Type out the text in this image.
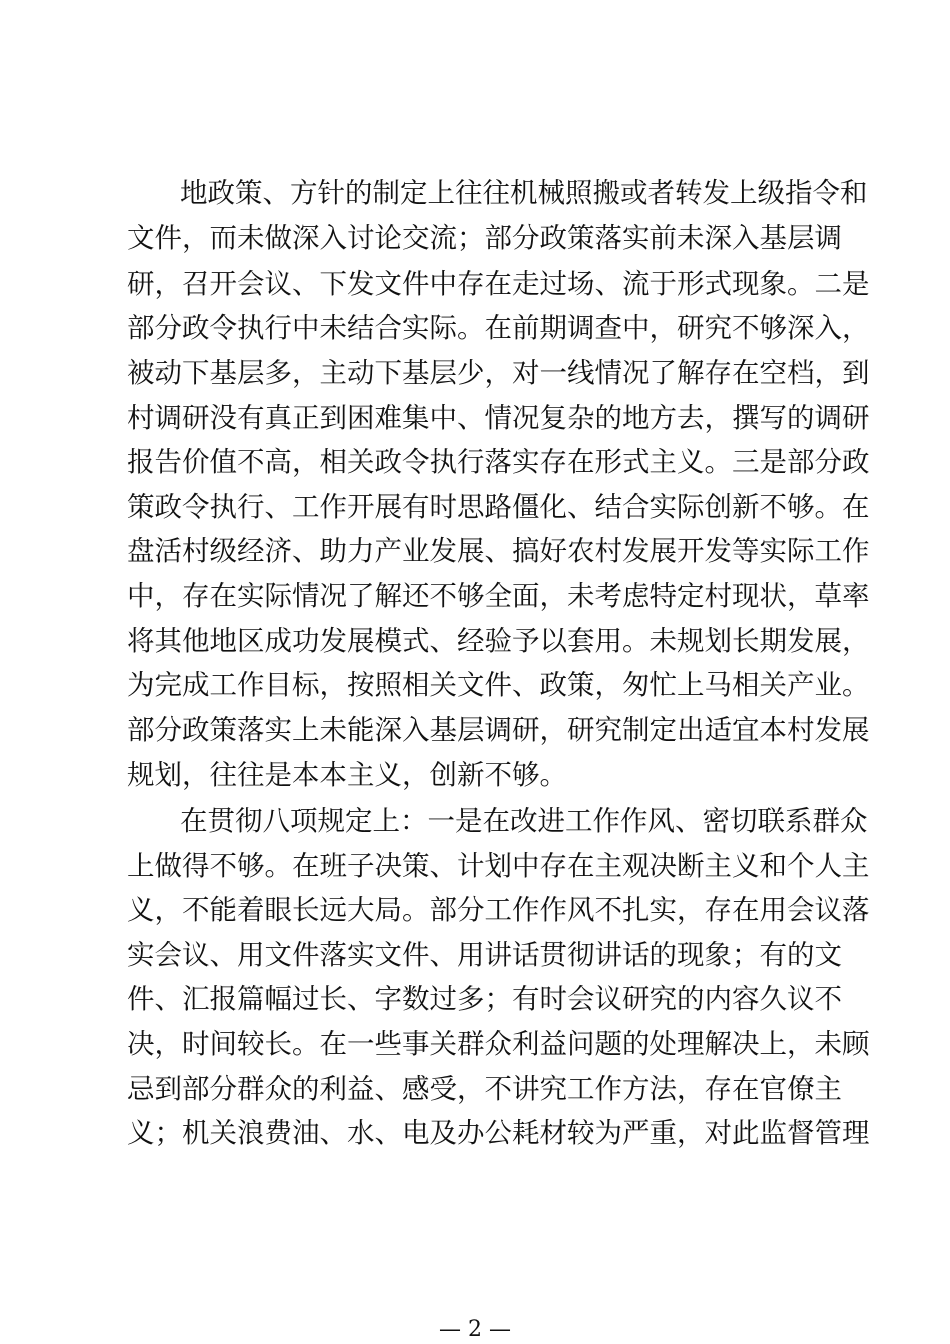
地政策、方针的制定上往往机械照搬或者转发上级指令和
文件，而未做深入讨论交流；部分政策落实前未深入基层调
研，召开会议、下发文件中存在走过场、流于形式现象。二是
部分政令执行中未结合实际。在前期调查中，研究不够深入，
被动下基层多，主动下基层少，对一线情况了解存在空档，到
村调研没有真正到困难集中、情况复杂的地方去，撰写的调研
报告价值不高，相关政令执行落实存在形式主义。三是部分政
策政令执行、工作开展有时思路僵化、结合实际创新不够。在
盘活村级经济、助力产业发展、搞好农村发展开发等实际工作
中，存在实际情况了解还不够全面，未考虑特定村现状，草率
将其他地区成功发展模式、经验予以套用。未规划长期发展，
为完成工作目标，按照相关文件、政策，匆忙上马相关产业。
部分政策落实上未能深入基层调研，研究制定出适宜本村发展
规划，往往是本本主义，创新不够。
在贯彻八项规定上：一是在改进工作作风、密切联系群众
上做得不够。在班子决策、计划中存在主观决断主义和个人主
义，不能着眼长远大局。部分工作作风不扎实，存在用会议落
实会议、用文件落实文件、用讲话贯彻讲话的现象；有的文
件、汇报篇幅过长、字数过多；有时会议研究的内容久议不
决，时间较长。在一些事关群众利益问题的处理解决上，未顾
忌到部分群众的利益、感受，不讲究工作方法，存在官僚主
义；机关浪费油、水、电及办公耗材较为严重，对此监督管理
— 2 —
